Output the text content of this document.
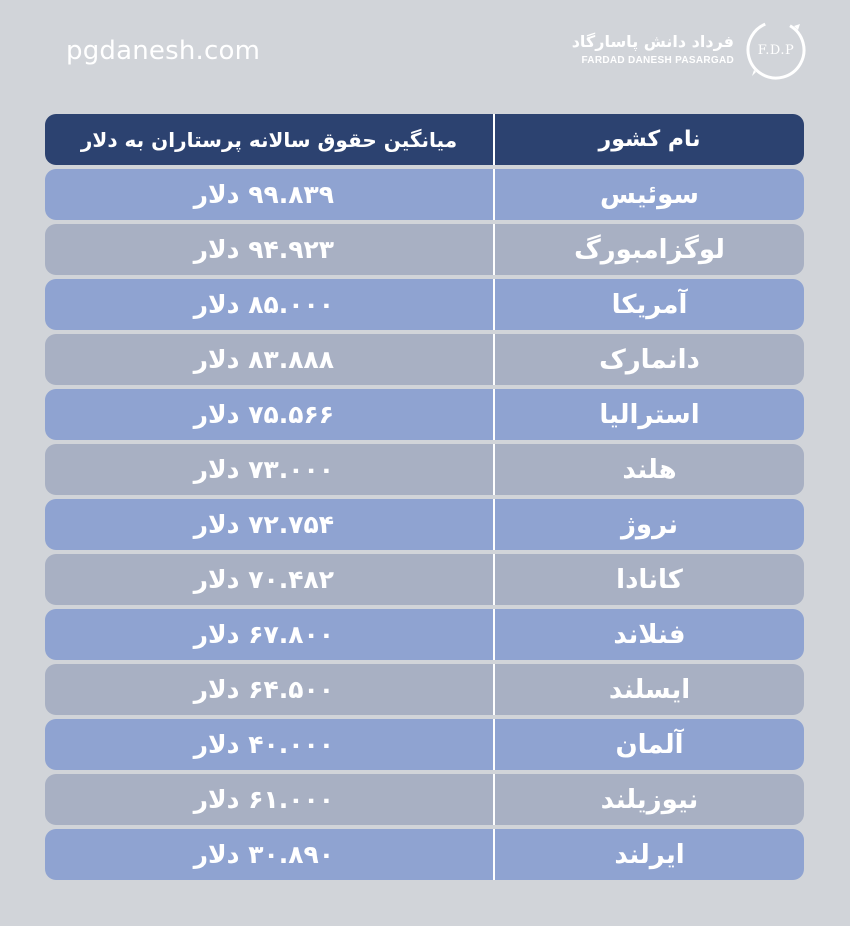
pgdanesh.com	فرداد دانش پاسارگاد
FARDAD DANESH PASARGAD
F.D.P
نام کشور
میانگین حقوق سالانه پرستاران به دلار
سوئیس
۹۹.۸۳۹ دلار
لوگزامبورگ
۹۴.۹۲۳ دلار
آمریکا
۸۵.۰۰۰ دلار
دانمارک
۸۳.۸۸۸ دلار
استرالیا
۷۵.۵۶۶ دلار
هلند
۷۳.۰۰۰ دلار
نروژ
۷۲.۷۵۴ دلار
کانادا
۷۰.۴۸۲ دلار
فنلاند
۶۷.۸۰۰ دلار
ایسلند
۶۴.۵۰۰ دلار
آلمان
۴۰.۰۰۰ دلار
نیوزیلند
۶۱.۰۰۰ دلار
ایرلند
۳۰.۸۹۰ دلار
